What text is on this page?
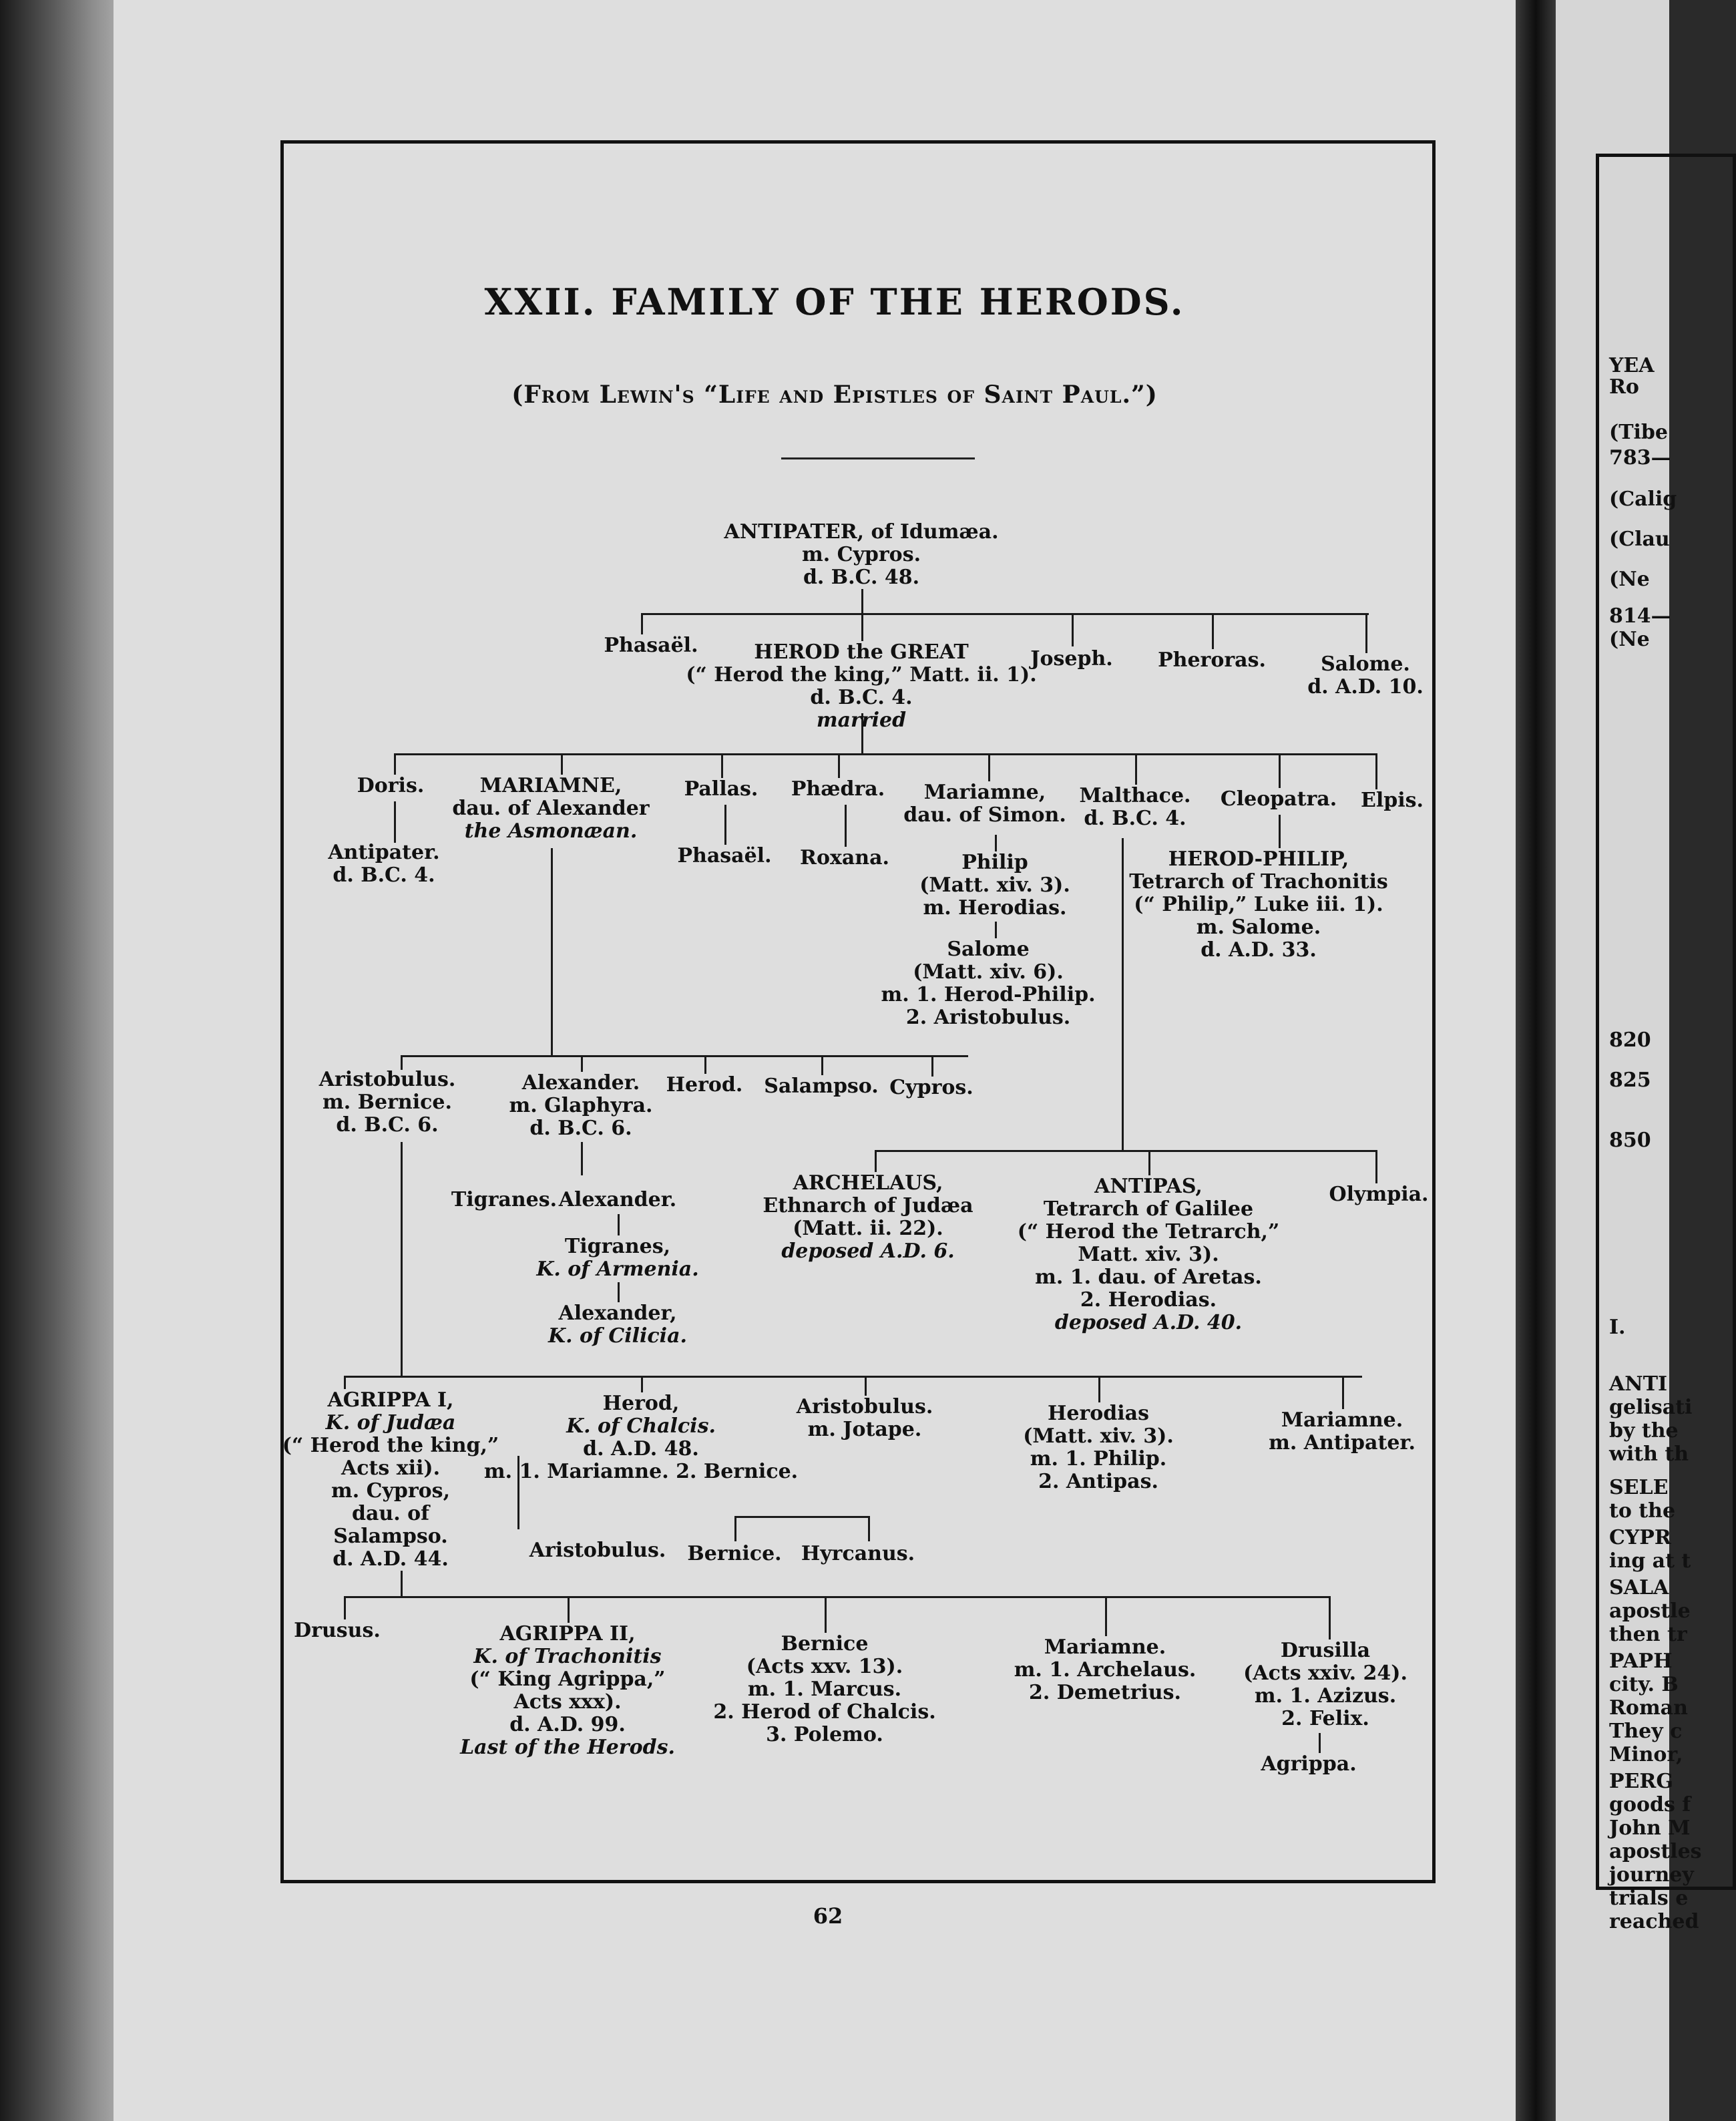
YEA
Ro
(Tibe
783—
(Calig
(Clau
(Ne
814—
(Ne
820
825
850
I.
ANTI
gelisati
by the
with th
SELE
to the
CYPR
ing at t
SALA
apostle
then tr
PAPH
city. B
Roman
They c
Minor,
PERG
goods f
John M
apostles
journey
trials e
reached
XXII. FAMILY OF THE HERODS.
(From Lewin's “Life and Epistles of Saint Paul.”)
ANTIPATER, of Idumæa.
m. Cypros.
d. B.C. 48.
Phasaël.	HEROD the GREAT
(“ Herod the king,” Matt. ii. 1).
d. B.C. 4.
married
Joseph. Pheroras.	Salome.
d. A.D. 10.
Doris.
Antipater.
d. B.C. 4.
MARIAMNE,
dau. of Alexander
the Asmonæan.
Pallas.
Phasaël.
Phædra.
Roxana.
Mariamne,
dau. of Simon.
Philip
(Matt. xiv. 3).
m. Herodias.
Salome
(Matt. xiv. 6).
m. 1. Herod-Philip.
2. Aristobulus.
Malthace.
d. B.C. 4.
Cleopatra. Elpis.
HEROD-PHILIP,
Tetrarch of Trachonitis
(“ Philip,” Luke iii. 1).
m. Salome.
d. A.D. 33.
Aristobulus.
m. Bernice.
d. B.C. 6.
Alexander.
m. Glaphyra.
d. B.C. 6.
Herod. Salampso. Cypros.
Tigranes. Alexander.
Tigranes,
K. of Armenia.
Alexander,
K. of Cilicia.
ARCHELAUS,
Ethnarch of Judæa
(Matt. ii. 22).
deposed A.D. 6.
ANTIPAS,
Tetrarch of Galilee
(“ Herod the Tetrarch,”
Matt. xiv. 3).
m. 1. dau. of Aretas.
2. Herodias.
deposed A.D. 40.
Olympia.
AGRIPPA I,
K. of Judæa
(“ Herod the king,”
Acts xii).
m. Cypros,
dau. of
Salampso.
d. A.D. 44.
Herod,
K. of Chalcis.
d. A.D. 48.
m. 1. Mariamne. 2. Bernice.
Aristobulus.
m. Jotape.
Herodias
(Matt. xiv. 3).
m. 1. Philip.
2. Antipas.
Mariamne.
m. Antipater.
Aristobulus. Bernice. Hyrcanus.
Drusus.	AGRIPPA II,
K. of Trachonitis
(“ King Agrippa,”
Acts xxx).
d. A.D. 99.
Last of the Herods.
Bernice
(Acts xxv. 13).
m. 1. Marcus.
2. Herod of Chalcis.
3. Polemo.
Mariamne.
m. 1. Archelaus.
2. Demetrius.
Drusilla
(Acts xxiv. 24).
m. 1. Azizus.
2. Felix.
Agrippa.
62
